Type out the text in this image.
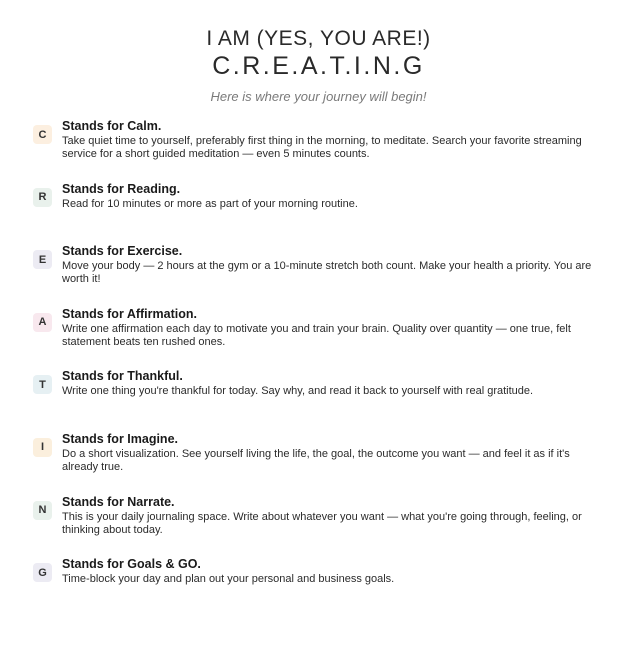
I AM (YES, YOU ARE!)
C.R.E.A.T.I.N.G
Here is where your journey will begin!
C
Stands for Calm.
Take quiet time to yourself, preferably first thing in the morning, to meditate. Search your favorite streaming service for a short guided meditation — even 5 minutes counts.
R
Stands for Reading.
Read for 10 minutes or more as part of your morning routine.
E
Stands for Exercise.
Move your body — 2 hours at the gym or a 10-minute stretch both count. Make your health a priority. You are worth it!
A
Stands for Affirmation.
Write one affirmation each day to motivate you and train your brain. Quality over quantity — one true, felt statement beats ten rushed ones.
T
Stands for Thankful.
Write one thing you're thankful for today. Say why, and read it back to yourself with real gratitude.
I
Stands for Imagine.
Do a short visualization. See yourself living the life, the goal, the outcome you want — and feel it as if it's already true.
N
Stands for Narrate.
This is your daily journaling space. Write about whatever you want — what you're going through, feeling, or thinking about today.
G
Stands for Goals & GO.
Time-block your day and plan out your personal and business goals.
